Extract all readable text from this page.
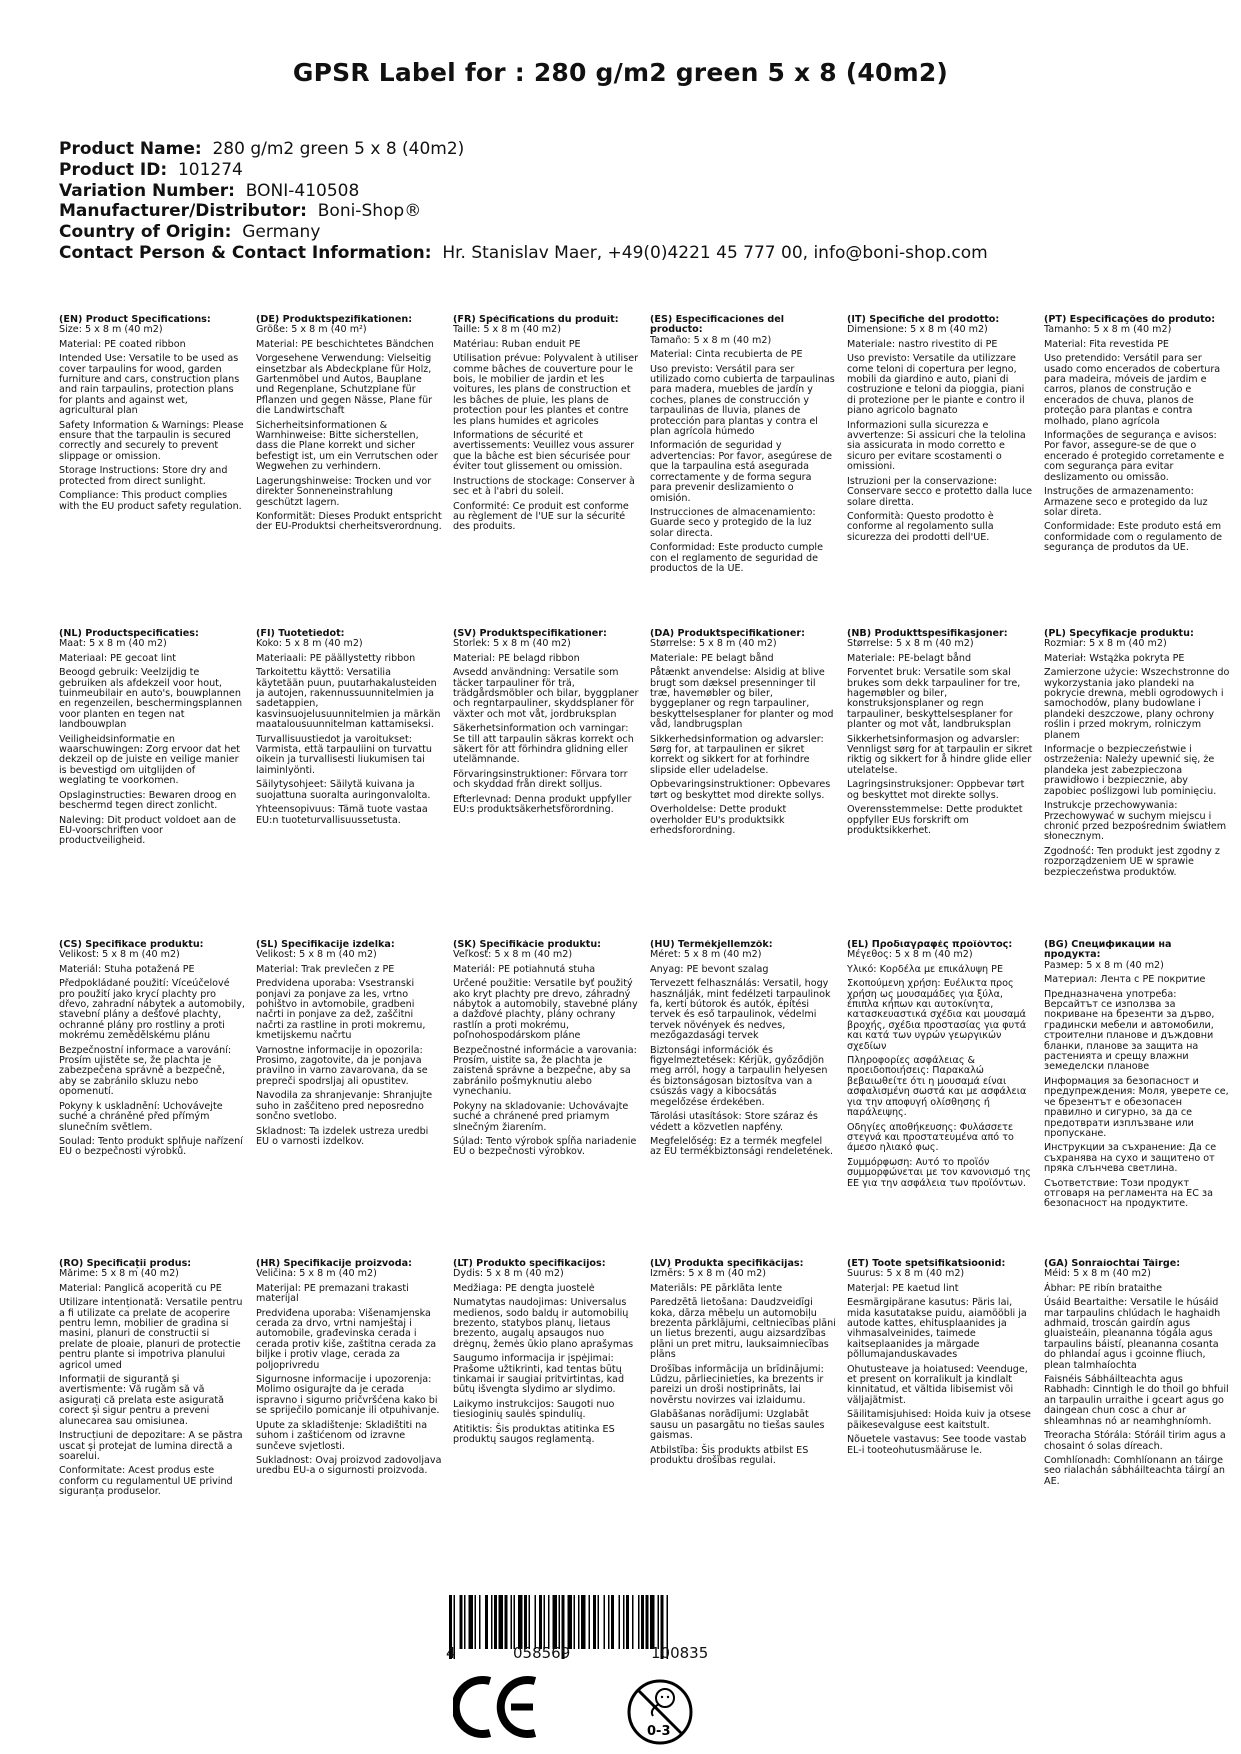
GPSR Label for : 280 g/m2 green 5 x 8 (40m2)
Product Name: 280 g/m2 green 5 x 8 (40m2)
Product ID: 101274
Variation Number: BONI-410508
Manufacturer/Distributor: Boni-Shop®
Country of Origin: Germany
Contact Person & Contact Information: Hr. Stanislav Maer, +49(0)4221 45 777 00, info@boni-shop.com
(EN) Product Specifications:
Size: 5 x 8 m (40 m2)
Material: PE coated ribbon
Intended Use: Versatile to be used as cover tarpaulins for wood, garden furniture and cars, construction plans and rain tarpaulins, protection plans for plants and against wet, agricultural plan
Safety Information & Warnings: Please ensure that the tarpaulin is secured correctly and securely to prevent slippage or omission.
Storage Instructions: Store dry and protected from direct sunlight.
Compliance: This product complies with the EU product safety regulation.
(DE) Produktspezifikationen:
Größe: 5 x 8 m (40 m²)
Material: PE beschichtetes Bändchen
Vorgesehene Verwendung: Vielseitig einsetzbar als Abdeckplane für Holz, Gartenmöbel und Autos, Bauplane und Regenplane, Schutzplane für Pflanzen und gegen Nässe, Plane für die Landwirtschaft
Sicherheitsinformationen & Warnhinweise: Bitte sicherstellen, dass die Plane korrekt und sicher befestigt ist, um ein Verrutschen oder Wegwehen zu verhindern.
Lagerungshinweise: Trocken und vor direkter Sonneneinstrahlung geschützt lagern.
Konformität: Dieses Produkt entspricht der EU-Produktsi cherheitsverordnung.
(FR) Spécifications du produit:
Taille: 5 x 8 m (40 m2)
Matériau: Ruban enduit PE
Utilisation prévue: Polyvalent à utiliser comme bâches de couverture pour le bois, le mobilier de jardin et les voitures, les plans de construction et les bâches de pluie, les plans de protection pour les plantes et contre les plans humides et agricoles
Informations de sécurité et avertissements: Veuillez vous assurer que la bâche est bien sécurisée pour éviter tout glissement ou omission.
Instructions de stockage: Conserver à sec et à l'abri du soleil.
Conformité: Ce produit est conforme au règlement de l'UE sur la sécurité des produits.
(ES) Especificaciones del producto:
Tamaño: 5 x 8 m (40 m2)
Material: Cinta recubierta de PE
Uso previsto: Versátil para ser utilizado como cubierta de tarpaulinas para madera, muebles de jardín y coches, planes de construcción y tarpaulinas de lluvia, planes de protección para plantas y contra el plan agrícola húmedo
Información de seguridad y advertencias: Por favor, asegúrese de que la tarpaulina está asegurada correctamente y de forma segura para prevenir deslizamiento o omisión.
Instrucciones de almacenamiento: Guarde seco y protegido de la luz solar directa.
Conformidad: Este producto cumple con el reglamento de seguridad de productos de la UE.
(IT) Specifiche del prodotto:
Dimensione: 5 x 8 m (40 m2)
Materiale: nastro rivestito di PE
Uso previsto: Versatile da utilizzare come teloni di copertura per legno, mobili da giardino e auto, piani di costruzione e teloni da pioggia, piani di protezione per le piante e contro il piano agricolo bagnato
Informazioni sulla sicurezza e avvertenze: Si assicuri che la telolina sia assicurata in modo corretto e sicuro per evitare scostamenti o omissioni.
Istruzioni per la conservazione: Conservare secco e protetto dalla luce solare diretta.
Conformità: Questo prodotto è conforme al regolamento sulla sicurezza dei prodotti dell'UE.
(PT) Especificações do produto:
Tamanho: 5 x 8 m (40 m2)
Material: Fita revestida PE
Uso pretendido: Versátil para ser usado como encerados de cobertura para madeira, móveis de jardim e carros, planos de construção e encerados de chuva, planos de proteção para plantas e contra molhado, plano agrícola
Informações de segurança e avisos: Por favor, assegure-se de que o encerado é protegido corretamente e com segurança para evitar deslizamento ou omissão.
Instruções de armazenamento: Armazene seco e protegido da luz solar direta.
Conformidade: Este produto está em conformidade com o regulamento de segurança de produtos da UE.
(NL) Productspecificaties:
Maat: 5 x 8 m (40 m2)
Materiaal: PE gecoat lint
Beoogd gebruik: Veelzijdig te gebruiken als afdekzeil voor hout, tuinmeubilair en auto's, bouwplannen en regenzeilen, beschermingsplannen voor planten en tegen nat landbouwplan
Veiligheidsinformatie en waarschuwingen: Zorg ervoor dat het dekzeil op de juiste en veilige manier is bevestigd om uitglijden of weglating te voorkomen.
Opslaginstructies: Bewaren droog en beschermd tegen direct zonlicht.
Naleving: Dit product voldoet aan de EU-voorschriften voor productveiligheid.
(FI) Tuotetiedot:
Koko: 5 x 8 m (40 m2)
Materiaali: PE päällystetty ribbon
Tarkoitettu käyttö: Versatilia käytetään puun, puutarhakalusteiden ja autojen, rakennussuunnitelmien ja sadetappien, kasvinsuojelusuunnitelmien ja märkän maatalousuunnitelman kattamiseksi.
Turvallisuustiedot ja varoitukset: Varmista, että tarpauliini on turvattu oikein ja turvallisesti liukumisen tai laiminlyönti.
Säilytysohjeet: Säilytä kuivana ja suojattuna suoralta auringonvalolta.
Yhteensopivuus: Tämä tuote vastaa EU:n tuoteturvallisuussetusta.
(SV) Produktspecifikationer:
Storlek: 5 x 8 m (40 m2)
Material: PE belagd ribbon
Avsedd användning: Versatile som täcker tarpauliner för trä, trädgårdsmöbler och bilar, byggplaner och regntarpauliner, skyddsplaner för växter och mot våt, jordbruksplan
Säkerhetsinformation och varningar: Se till att tarpaulin säkras korrekt och säkert för att förhindra glidning eller utelämnande.
Förvaringsinstruktioner: Förvara torr och skyddad från direkt solljus.
Efterlevnad: Denna produkt uppfyller EU:s produktsäkerhetsförordning.
(DA) Produktspecifikationer:
Størrelse: 5 x 8 m (40 m2)
Materiale: PE belagt bånd
Påtænkt anvendelse: Alsidig at blive brugt som dæksel presenninger til træ, havemøbler og biler, byggeplaner og regn tarpauliner, beskyttelsesplaner for planter og mod våd, landbrugsplan
Sikkerhedsinformation og advarsler: Sørg for, at tarpaulinen er sikret korrekt og sikkert for at forhindre slipside eller udeladelse.
Opbevaringsinstruktioner: Opbevares tørt og beskyttet mod direkte sollys.
Overholdelse: Dette produkt overholder EU's produktsikk erhedsforordning.
(NB) Produkttspesifikasjoner:
Størrelse: 5 x 8 m (40 m2)
Materiale: PE-belagt bånd
Forventet bruk: Versatile som skal brukes som dekk tarpauliner for tre, hagemøbler og biler, konstruksjonsplaner og regn tarpauliner, beskyttelsesplaner for planter og mot våt, landbruksplan
Sikkerhetsinformasjon og advarsler: Vennligst sørg for at tarpaulin er sikret riktig og sikkert for å hindre glide eller utelatelse.
Lagringsinstruksjoner: Oppbevar tørt og beskyttet mot direkte sollys.
Overensstemmelse: Dette produktet oppfyller EUs forskrift om produktsikkerhet.
(PL) Specyfikacje produktu:
Rozmiar: 5 x 8 m (40 m2)
Materiał: Wstążka pokryta PE
Zamierzone użycie: Wszechstronne do wykorzystania jako plandeki na pokrycie drewna, mebli ogrodowych i samochodów, plany budowlane i plandeki deszczowe, plany ochrony roślin i przed mokrym, rolniczym planem
Informacje o bezpieczeństwie i ostrzeżenia: Należy upewnić się, że plandeka jest zabezpieczona prawidłowo i bezpiecznie, aby zapobiec poślizgowi lub pominięciu.
Instrukcje przechowywania: Przechowywać w suchym miejscu i chronić przed bezpośrednim światłem słonecznym.
Zgodność: Ten produkt jest zgodny z rozporządzeniem UE w sprawie bezpieczeństwa produktów.
(CS) Specifikace produktu:
Velikost: 5 x 8 m (40 m2)
Materiál: Stuha potažená PE
Předpokládané použití: Víceúčelové pro použití jako krycí plachty pro dřevo, zahradní nábytek a automobily, stavební plány a dešťové plachty, ochranné plány pro rostliny a proti mokrému zemědělskému plánu
Bezpečnostní informace a varování: Prosím ujistěte se, že plachta je zabezpečena správně a bezpečně, aby se zabránilo skluzu nebo opomenutí.
Pokyny k uskladnění: Uchovávejte suché a chráněné před přímým slunečním světlem.
Soulad: Tento produkt splňuje nařízení EU o bezpečnosti výrobků.
(SL) Specifikacije izdelka:
Velikost: 5 x 8 m (40 m2)
Material: Trak prevlečen z PE
Predvidena uporaba: Vsestranski ponjavi za ponjave za les, vrtno pohištvo in avtomobile, gradbeni načrti in ponjave za dež, zaščitni načrti za rastline in proti mokremu, kmetijskemu načrtu
Varnostne informacije in opozorila: Prosimo, zagotovite, da je ponjava pravilno in varno zavarovana, da se prepreči spodrsljaj ali opustitev.
Navodila za shranjevanje: Shranjujte suho in zaščiteno pred neposredno sončno svetlobo.
Skladnost: Ta izdelek ustreza uredbi EU o varnosti izdelkov.
(SK) Špecifikácie produktu:
Veľkosť: 5 x 8 m (40 m2)
Materiál: PE potiahnutá stuha
Určené použitie: Versatile byť použitý ako kryt plachty pre drevo, záhradný nábytok a automobily, stavebné plány a dažďové plachty, plány ochrany rastlín a proti mokrému, poľnohospodárskom pláne
Bezpečnostné informácie a varovania: Prosím, uistite sa, že plachta je zaistená správne a bezpečne, aby sa zabránilo pošmyknutiu alebo vynechaniu.
Pokyny na skladovanie: Uchovávajte suché a chránené pred priamym slnečným žiarením.
Súlad: Tento výrobok spĺňa nariadenie EÚ o bezpečnosti výrobkov.
(HU) Termékjellemzők:
Méret: 5 x 8 m (40 m2)
Anyag: PE bevont szalag
Tervezett felhasználás: Versatil, hogy használják, mint fedélzeti tarpaulinok fa, kerti bútorok és autók, építési tervek és eső tarpaulinok, védelmi tervek növények és nedves, mezőgazdasági tervek
Biztonsági információk és figyelmeztetések: Kérjük, győződjön meg arról, hogy a tarpaulin helyesen és biztonságosan biztosítva van a csúszás vagy a kibocsátás megelőzése érdekében.
Tárolási utasítások: Store száraz és védett a közvetlen napfény.
Megfelelőség: Ez a termék megfelel az EU termékbiztonsági rendeletének.
(EL) Προδιαγραφές προϊόντος:
Μέγεθος: 5 x 8 m (40 m2)
Υλικό: Κορδέλα με επικάλυψη PE
Σκοπούμενη χρήση: Ευέλικτα προς χρήση ως μουσαμάδες για ξύλα, έπιπλα κήπων και αυτοκίνητα, κατασκευαστικά σχέδια και μουσαμά βροχής, σχέδια προστασίας για φυτά και κατά των υγρών γεωργικών σχεδίων
Πληροφορίες ασφάλειας & προειδοποιήσεις: Παρακαλώ βεβαιωθείτε ότι η μουσαμά είναι ασφαλισμένη σωστά και με ασφάλεια για την αποφυγή ολίσθησης ή παράλειψης.
Οδηγίες αποθήκευσης: Φυλάσσετε στεγνά και προστατευμένα από το άμεσο ηλιακό φως.
Συμμόρφωση: Αυτό το προϊόν συμμορφώνεται με τον κανονισμό της ΕΕ για την ασφάλεια των προϊόντων.
(BG) Спецификации на продукта:
Размер: 5 x 8 m (40 m2)
Материал: Лента с PE покритие
Предназначена употреба: Версайтът се използва за покриване на брезенти за дърво, градински мебели и автомобили, строителни планове и дъждовни бланки, планове за защита на растенията и срещу влажни земеделски планове
Информация за безопасност и предупреждения: Моля, уверете се, че брезентът е обезопасен правилно и сигурно, за да се предотврати изплъзване или пропускане.
Инструкции за съхранение: Да се съхранява на сухо и защитено от пряка слънчева светлина.
Съответствие: Този продукт отговаря на регламента на ЕС за безопасност на продуктите.
(RO) Specificații produs:
Mărime: 5 x 8 m (40 m2)
Material: Panglică acoperită cu PE
Utilizare intenționată: Versatile pentru a fi utilizate ca prelate de acoperire pentru lemn, mobilier de gradina si masini, planuri de constructii si prelate de ploaie, planuri de protectie pentru plante si impotriva planului agricol umed
Informații de siguranță și avertismente: Vă rugăm să vă asigurați că prelata este asigurată corect și sigur pentru a preveni alunecarea sau omisiunea.
Instrucțiuni de depozitare: A se păstra uscat și protejat de lumina directă a soarelui.
Conformitate: Acest produs este conform cu regulamentul UE privind siguranța produselor.
(HR) Specifikacije proizvoda:
Veličina: 5 x 8 m (40 m2)
Materijal: PE premazani trakasti materijal
Predviđena uporaba: Višenamjenska cerada za drvo, vrtni namještaj i automobile, građevinska cerada i cerada protiv kiše, zaštitna cerada za biljke i protiv vlage, cerada za poljoprivredu
Sigurnosne informacije i upozorenja: Molimo osigurajte da je cerada ispravno i sigurno pričvršćena kako bi se spriječilo pomicanje ili otpuhivanje.
Upute za skladištenje: Skladištiti na suhom i zaštićenom od izravne sunčeve svjetlosti.
Sukladnost: Ovaj proizvod zadovoljava uredbu EU-a o sigurnosti proizvoda.
(LT) Produkto specifikacijos:
Dydis: 5 x 8 m (40 m2)
Medžiaga: PE dengta juostelė
Numatytas naudojimas: Universalus medienos, sodo baldų ir automobilių brezento, statybos planų, lietaus brezento, augalų apsaugos nuo drėgnų, žemės ūkio plano aprašymas
Saugumo informacija ir įspėjimai: Prašome užtikrinti, kad tentas būtų tinkamai ir saugiai pritvirtintas, kad būtų išvengta slydimo ar slydimo.
Laikymo instrukcijos: Saugoti nuo tiesioginių saulės spindulių.
Atitiktis: Šis produktas atitinka ES produktų saugos reglamentą.
(LV) Produkta specifikācijas:
Izmērs: 5 x 8 m (40 m2)
Materiāls: PE pārklāta lente
Paredzētā lietošana: Daudzveidīgi koka, dārza mēbeļu un automobiļu brezenta pārklājumi, celtniecības plāni un lietus brezenti, augu aizsardzības plāni un pret mitru, lauksaimniecības plāns
Drošības informācija un brīdinājumi: Lūdzu, pārliecinieties, ka brezents ir pareizi un droši nostiprināts, lai novērstu novirzes vai izlaidumu.
Glabāšanas norādījumi: Uzglabāt sausu un pasargātu no tiešas saules gaismas.
Atbilstība: Šis produkts atbilst ES produktu drošības regulai.
(ET) Toote spetsifikatsioonid:
Suurus: 5 x 8 m (40 m2)
Materjal: PE kaetud lint
Eesmärgipärane kasutus: Päris lai, mida kasutatakse puidu, aiamööbli ja autode kattes, ehitusplaanides ja vihmasalveinides, taimede kaitseplaanides ja märgade põllumajanduskavades
Ohutusteave ja hoiatused: Veenduge, et present on korralikult ja kindlalt kinnitatud, et vältida libisemist või väljajätmist.
Säilitamisjuhised: Hoida kuiv ja otsese päikesevalguse eest kaitstult.
Nõuetele vastavus: See toode vastab EL-i tooteohutusmääruse le.
(GA) Sonraíochtaí Táirge:
Méid: 5 x 8 m (40 m2)
Ábhar: PE ribín brataithe
Úsáid Beartaithe: Versatile le húsáid mar tarpaulins chlúdach le haghaidh adhmaid, troscán gairdín agus gluaisteáin, pleananna tógála agus tarpaulins báistí, pleananna cosanta do phlandaí agus i gcoinne fliuch, plean talmhaíochta
Faisnéis Sábháilteachta agus Rabhadh: Cinntigh le do thoil go bhfuil an tarpaulin urraithe i gceart agus go daingean chun cosc a chur ar shleamhnas nó ar neamhghníomh.
Treoracha Stórála: Stóráil tirim agus a chosaint ó solas díreach.
Comhlíonadh: Comhlíonann an táirge seo rialachán sábháilteachta táirgí an AE.
4	058569	100835
0-3
